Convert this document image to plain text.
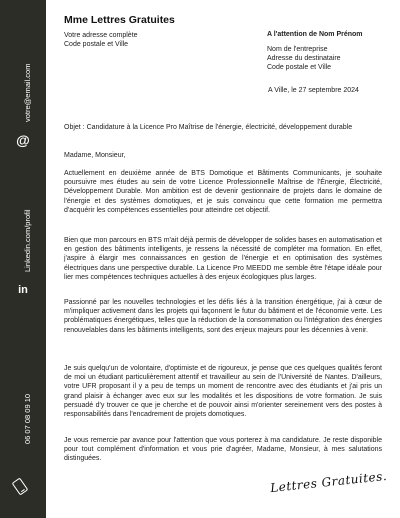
@
votre@email.com
in
Linkedin.com/profil
06 07 08 09 10
Mme Lettres Gratuites
Votre adresse complète
Code postale et Ville
A l'attention de Nom Prénom
Nom de l'entreprise
Adresse du destinataire
Code postale et Ville
A Ville, le 27 septembre 2024
Objet : Candidature à la Licence Pro Maîtrise de l'énergie, électricité, développement durable
Madame, Monsieur,

Actuellement en deuxième année de BTS Domotique et Bâtiments Communicants, je souhaite poursuivre mes études au sein de votre Licence Professionnelle Maîtrise de l'Énergie, Électricité, Développement Durable. Mon ambition est de devenir gestionnaire de projets dans le domaine de l'énergie et des systèmes domotiques, et je suis convaincu que cette formation me permettra d'acquérir les compétences essentielles pour atteindre cet objectif.

Bien que mon parcours en BTS m'ait déjà permis de développer de solides bases en automatisation et en gestion des bâtiments intelligents, je ressens la nécessité de compléter ma formation. En effet, j'aspire à élargir mes connaissances en gestion de l'énergie et en optimisation des systèmes électriques dans une perspective durable. La Licence Pro MEEDD me semble être l'étape idéale pour lier mes compétences techniques actuelles à des enjeux écologiques plus larges.

Passionné par les nouvelles technologies et les défis liés à la transition énergétique, j'ai à cœur de m'impliquer activement dans les projets qui façonnent le futur du bâtiment et de l'économie verte. Les problématiques énergétiques, telles que la réduction de la consommation ou l'intégration des énergies renouvelables dans les bâtiments intelligents, sont des enjeux majeurs pour les décennies à venir.

Je suis quelqu'un de volontaire, d'optimiste et de rigoureux, je pense que ces quelques qualités feront de moi un étudiant particulièrement attentif et travailleur au sein de l'Université de Nantes. D'ailleurs, votre UFR proposant il y a peu de temps un moment de rencontre avec des étudiants et j'ai pris un grand plaisir à échanger avec eux sur les modalités et les dispositions de votre formation. Je suis persuadé d'y trouver ce que je cherche et de pouvoir ainsi m'orienter sereinement vers des postes à responsabilités dans l'encadrement de projets domotiques.

Je vous remercie par avance pour l'attention que vous porterez à ma candidature. Je reste disponible pour tout complément d'information et vous prie d'agréer, Madame, Monsieur, à mes salutations distinguées.

Lettres Gratuites.
